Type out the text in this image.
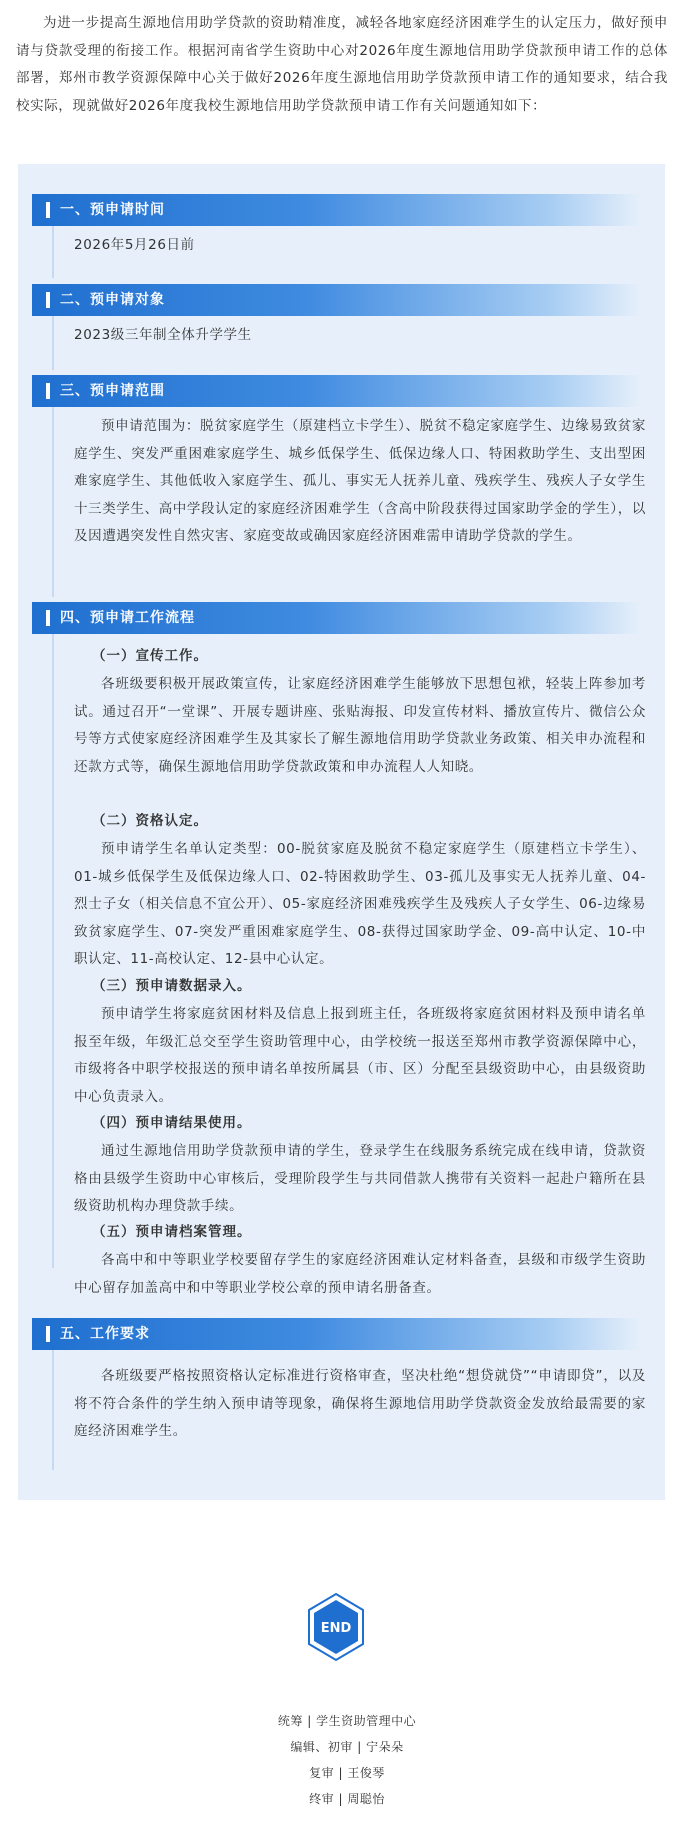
为进一步提高生源地信用助学贷款的资助精准度，减轻各地家庭经济困难学生的认定压力，做好预申请与贷款受理的衔接工作。根据河南省学生资助中心对2026年度生源地信用助学贷款预申请工作的总体部署，郑州市教学资源保障中心关于做好2026年度生源地信用助学贷款预申请工作的通知要求，结合我校实际，现就做好2026年度我校生源地信用助学贷款预申请工作有关问题通知如下：

一、预申请时间

2026年5月26日前

二、预申请对象

2023级三年制全体升学学生

三、预申请范围

预申请范围为：脱贫家庭学生（原建档立卡学生）、脱贫不稳定家庭学生、边缘易致贫家庭学生、突发严重困难家庭学生、城乡低保学生、低保边缘人口、特困救助学生、支出型困难家庭学生、其他低收入家庭学生、孤儿、事实无人抚养儿童、残疾学生、残疾人子女学生十三类学生、高中学段认定的家庭经济困难学生（含高中阶段获得过国家助学金的学生），以及因遭遇突发性自然灾害、家庭变故或确因家庭经济困难需申请助学贷款的学生。

四、预申请工作流程

（一）宣传工作。

各班级要积极开展政策宣传，让家庭经济困难学生能够放下思想包袱，轻装上阵参加考试。通过召开“一堂课”、开展专题讲座、张贴海报、印发宣传材料、播放宣传片、微信公众号等方式使家庭经济困难学生及其家长了解生源地信用助学贷款业务政策、相关申办流程和还款方式等，确保生源地信用助学贷款政策和申办流程人人知晓。

（二）资格认定。

预申请学生名单认定类型：00-脱贫家庭及脱贫不稳定家庭学生（原建档立卡学生）、01-城乡低保学生及低保边缘人口、02-特困救助学生、03-孤儿及事实无人抚养儿童、04-烈士子女（相关信息不宜公开）、05-家庭经济困难残疾学生及残疾人子女学生、06-边缘易致贫家庭学生、07-突发严重困难家庭学生、08-获得过国家助学金、09-高中认定、10-中职认定、11-高校认定、12-县中心认定。

（三）预申请数据录入。

预申请学生将家庭贫困材料及信息上报到班主任，各班级将家庭贫困材料及预申请名单报至年级，年级汇总交至学生资助管理中心，由学校统一报送至郑州市教学资源保障中心，市级将各中职学校报送的预申请名单按所属县（市、区）分配至县级资助中心，由县级资助中心负责录入。

（四）预申请结果使用。

通过生源地信用助学贷款预申请的学生，登录学生在线服务系统完成在线申请，贷款资格由县级学生资助中心审核后，受理阶段学生与共同借款人携带有关资料一起赴户籍所在县级资助机构办理贷款手续。

（五）预申请档案管理。

各高中和中等职业学校要留存学生的家庭经济困难认定材料备查，县级和市级学生资助中心留存加盖高中和中等职业学校公章的预申请名册备查。

五、工作要求

各班级要严格按照资格认定标准进行资格审查，坚决杜绝“想贷就贷”“申请即贷”，以及将不符合条件的学生纳入预申请等现象，确保将生源地信用助学贷款资金发放给最需要的家庭经济困难学生。

END
统筹 | 学生资助管理中心
编辑、初审 | 宁朵朵
复审 | 王俊琴
终审 | 周聪怡
